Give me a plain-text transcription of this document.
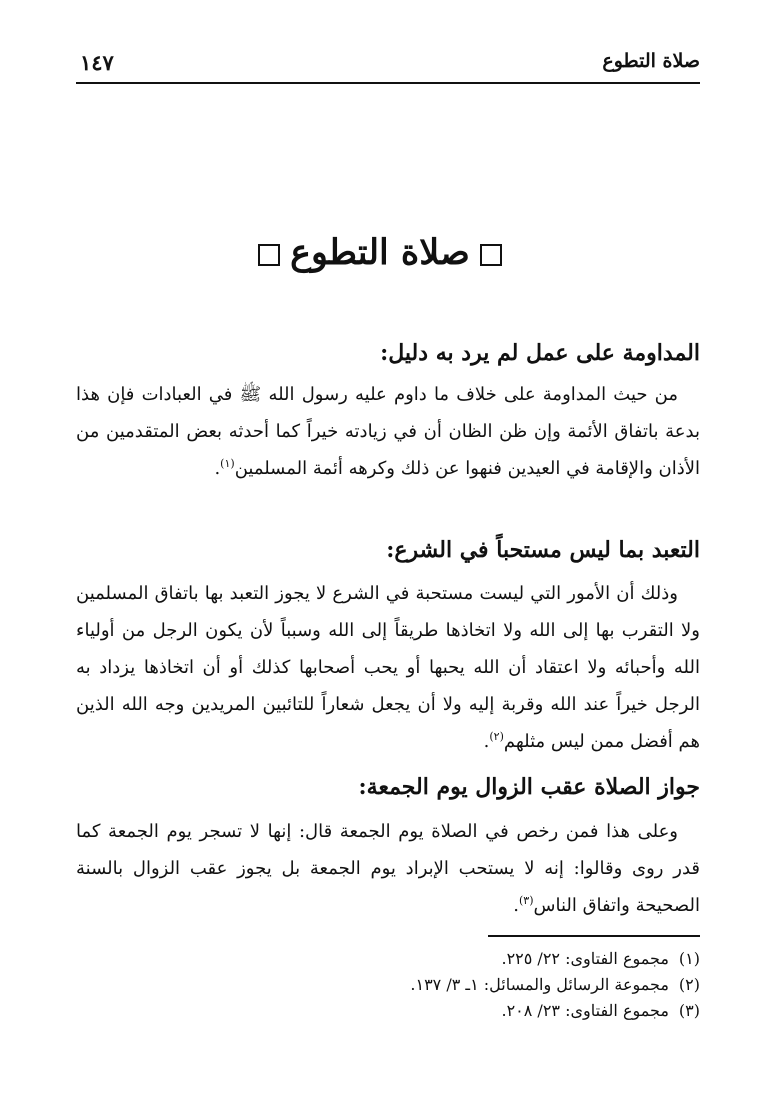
صلاة التطوع
١٤٧
صلاة التطوع
المداومة على عمل لم يرد به دليل:
من حيث المداومة على خلاف ما داوم عليه رسول الله ﷺ في العبادات فإن هذا بدعة باتفاق الأئمة وإن ظن الظان أن في زيادته خيراً كما أحدثه بعض المتقدمين من الأذان والإقامة في العيدين فنهوا عن ذلك وكرهه أئمة المسلمين$^{(١)}$.
التعبد بما ليس مستحباً في الشرع:
وذلك أن الأمور التي ليست مستحبة في الشرع لا يجوز التعبد بها باتفاق المسلمين ولا التقرب بها إلى الله ولا اتخاذها طريقاً إلى الله وسبباً لأن يكون الرجل من أولياء الله وأحبائه ولا اعتقاد أن الله يحبها أو يحب أصحابها كذلك أو أن اتخاذها يزداد به الرجل خيراً عند الله وقربة إليه ولا أن يجعل شعاراً للتائبين المريدين وجه الله الذين هم أفضل ممن ليس مثلهم$^{(٢)}$.
جواز الصلاة عقب الزوال يوم الجمعة:
وعلى هذا فمن رخص في الصلاة يوم الجمعة قال: إنها لا تسجر يوم الجمعة كما قدر روى وقالوا: إنه لا يستحب الإبراد يوم الجمعة بل يجوز عقب الزوال بالسنة الصحيحة واتفاق الناس$^{(٣)}$.
(١)مجموع الفتاوى: ٢٢/ ٢٢٥.
(٢)مجموعة الرسائل والمسائل: ١ـ ٣/ ١٣٧.
(٣)مجموع الفتاوى: ٢٣/ ٢٠٨.
